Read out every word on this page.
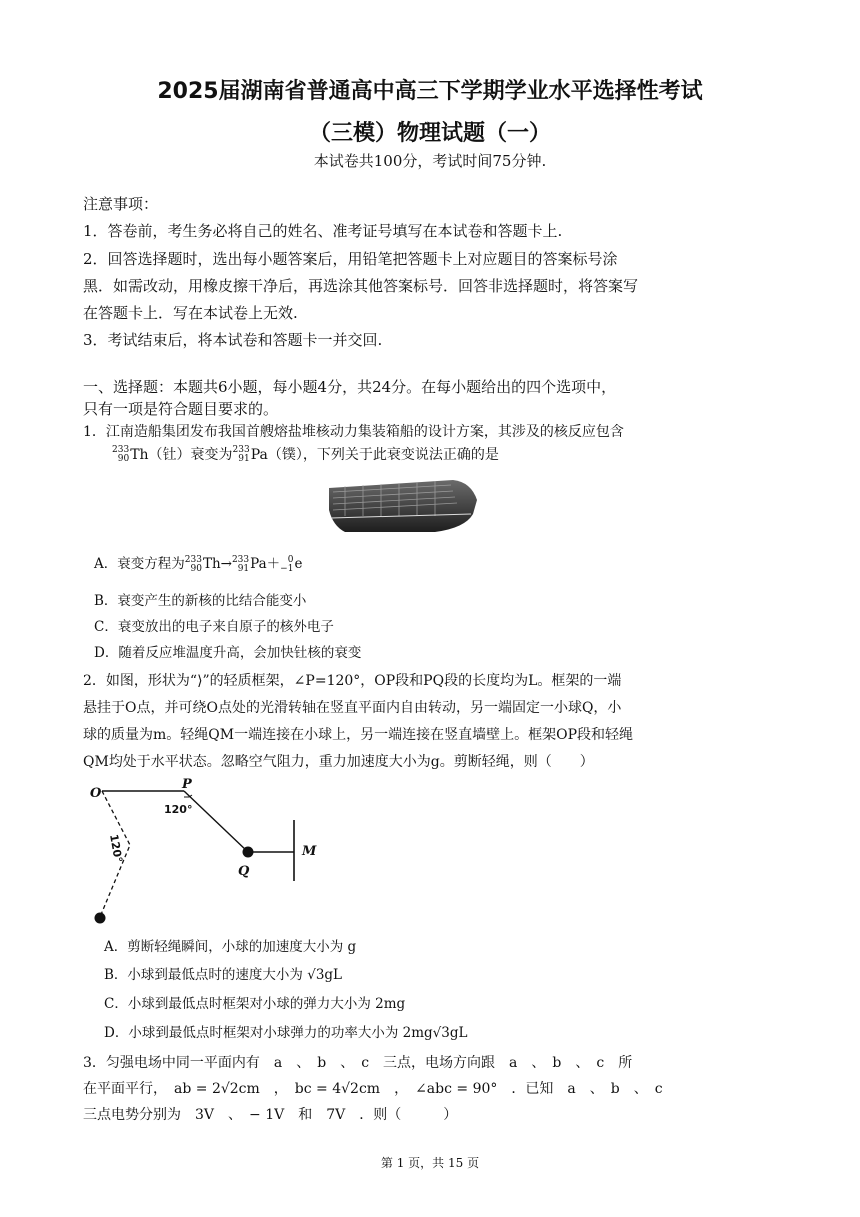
2025届湖南省普通高中高三下学期学业水平选择性考试
（三模）物理试题（一）
本试卷共100分，考试时间75分钟.
注意事项：
1．答卷前，考生务必将自己的姓名、准考证号填写在本试卷和答题卡上.
2．回答选择题时，选出每小题答案后，用铅笔把答题卡上对应题目的答案标号涂
黑．如需改动，用橡皮擦干净后，再选涂其他答案标号．回答非选择题时，将答案写
在答题卡上．写在本试卷上无效.
3．考试结束后，将本试卷和答题卡一并交回.
一、选择题：本题共6小题，每小题4分，共24分。在每小题给出的四个选项中，
只有一项是符合题目要求的。
1．江南造船集团发布我国首艘熔盐堆核动力集装箱船的设计方案，其涉及的核反应包含
233
90 Th（钍）衰变为 233
91 Pa（镤），下列关于此衰变说法正确的是
A．衰变方程为 233
90 Th→ 233
91 Pa＋ 0
−1 e
B．衰变产生的新核的比结合能变小
C．衰变放出的电子来自原子的核外电子
D．随着反应堆温度升高，会加快钍核的衰变
2．如图，形状为“⟩”的轻质框架，∠P=120°，OP段和PQ段的长度均为L。框架的一端
悬挂于O点，并可绕O点处的光滑转轴在竖直平面内自由转动，另一端固定一小球Q，小
球的质量为m。轻绳QM一端连接在小球上，另一端连接在竖直墙壁上。框架OP段和轻绳
QM均处于水平状态。忽略空气阻力，重力加速度大小为g。剪断轻绳，则（　　）
O
P
Q
M
120°
120°
A．剪断轻绳瞬间，小球的加速度大小为 g
B．小球到最低点时的速度大小为 √3gL
C．小球到最低点时框架对小球的弹力大小为 2mg
D．小球到最低点时框架对小球弹力的功率大小为 2mg√3gL
3．匀强电场中同一平面内有　a　、　b　、　c　三点，电场方向跟　a　、　b　、　c　所
在平面平行，　ab = 2√2cm　，　bc = 4√2cm　，　∠abc = 90°　．已知　a　、　b　、　c
三点电势分别为　3V　、　− 1V　和　7V　．则（　　　）
第 1 页，共 15 页
